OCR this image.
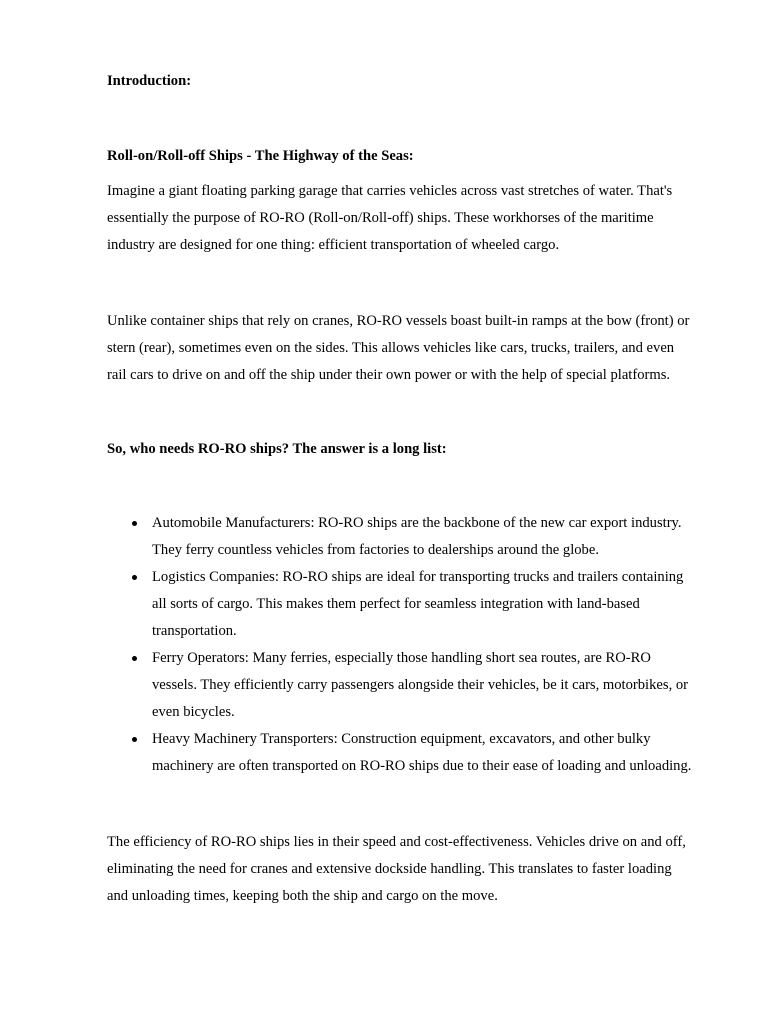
Introduction:

Roll-on/Roll-off Ships - The Highway of the Seas:

Imagine a giant floating parking garage that carries vehicles across vast stretches of water. That's
essentially the purpose of RO-RO (Roll-on/Roll-off) ships. These workhorses of the maritime
industry are designed for one thing: efficient transportation of wheeled cargo.
Unlike container ships that rely on cranes, RO-RO vessels boast built-in ramps at the bow (front) or
stern (rear), sometimes even on the sides. This allows vehicles like cars, trucks, trailers, and even
rail cars to drive on and off the ship under their own power or with the help of special platforms.

So, who needs RO-RO ships? The answer is a long list:

Automobile Manufacturers: RO-RO ships are the backbone of the new car export industry.
They ferry countless vehicles from factories to dealerships around the globe.
Logistics Companies: RO-RO ships are ideal for transporting trucks and trailers containing
all sorts of cargo. This makes them perfect for seamless integration with land-based
transportation.
Ferry Operators: Many ferries, especially those handling short sea routes, are RO-RO
vessels. They efficiently carry passengers alongside their vehicles, be it cars, motorbikes, or
even bicycles.
Heavy Machinery Transporters: Construction equipment, excavators, and other bulky
machinery are often transported on RO-RO ships due to their ease of loading and unloading.
The efficiency of RO-RO ships lies in their speed and cost-effectiveness. Vehicles drive on and off,
eliminating the need for cranes and extensive dockside handling. This translates to faster loading
and unloading times, keeping both the ship and cargo on the move.
